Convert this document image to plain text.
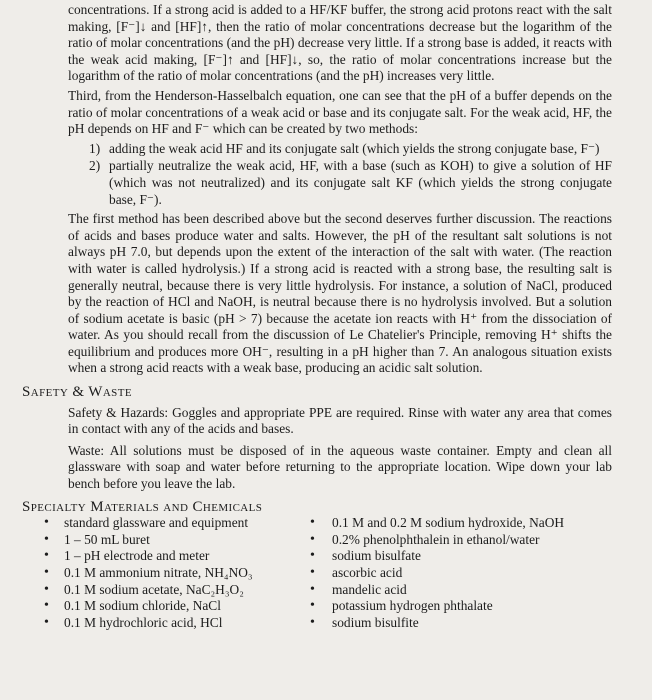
concentrations. If a strong acid is added to a HF/KF buffer, the strong acid protons react with the salt making, [F⁻]↓ and [HF]↑, then the ratio of molar concentrations decrease but the logarithm of the ratio of molar concentrations (and the pH) decrease very little. If a strong base is added, it reacts with the weak acid making, [F⁻]↑ and [HF]↓, so, the ratio of molar concentrations increase but the logarithm of the ratio of molar concentrations (and the pH) increases very little.

Third, from the Henderson-Hasselbalch equation, one can see that the pH of a buffer depends on the ratio of molar concentrations of a weak acid or base and its conjugate salt. For the weak acid, HF, the pH depends on HF and F⁻ which can be created by two methods:

1) adding the weak acid HF and its conjugate salt (which yields the strong conjugate base, F⁻)
2) partially neutralize the weak acid, HF, with a base (such as KOH) to give a solution of HF (which was not neutralized) and its conjugate salt KF (which yields the strong conjugate base, F⁻).

The first method has been described above but the second deserves further discussion. The reactions of acids and bases produce water and salts. However, the pH of the resultant salt solutions is not always pH 7.0, but depends upon the extent of the interaction of the salt with water. (The reaction with water is called hydrolysis.) If a strong acid is reacted with a strong base, the resulting salt is generally neutral, because there is very little hydrolysis. For instance, a solution of NaCl, produced by the reaction of HCl and NaOH, is neutral because there is no hydrolysis involved. But a solution of sodium acetate is basic (pH > 7) because the acetate ion reacts with H⁺ from the dissociation of water. As you should recall from the discussion of Le Chatelier's Principle, removing H⁺ shifts the equilibrium and produces more OH⁻, resulting in a pH higher than 7. An analogous situation exists when a strong acid reacts with a weak base, producing an acidic salt solution.

Safety & Waste

Safety & Hazards: Goggles and appropriate PPE are required. Rinse with water any area that comes in contact with any of the acids and bases.

Waste: All solutions must be disposed of in the aqueous waste container. Empty and clean all glassware with soap and water before returning to the appropriate location. Wipe down your lab bench before you leave the lab.

Specialty Materials and Chemicals
• standard glassware and equipment
• 1 – 50 mL buret
• 1 – pH electrode and meter
• 0.1 M ammonium nitrate, NH₄NO₃
• 0.1 M sodium acetate, NaC₂H₃O₂
• 0.1 M sodium chloride, NaCl
• 0.1 M hydrochloric acid, HCl
• 0.1 M and 0.2 M sodium hydroxide, NaOH
• 0.2% phenolphthalein in ethanol/water
• sodium bisulfate
• ascorbic acid
• mandelic acid
• potassium hydrogen phthalate
• sodium bisulfite
